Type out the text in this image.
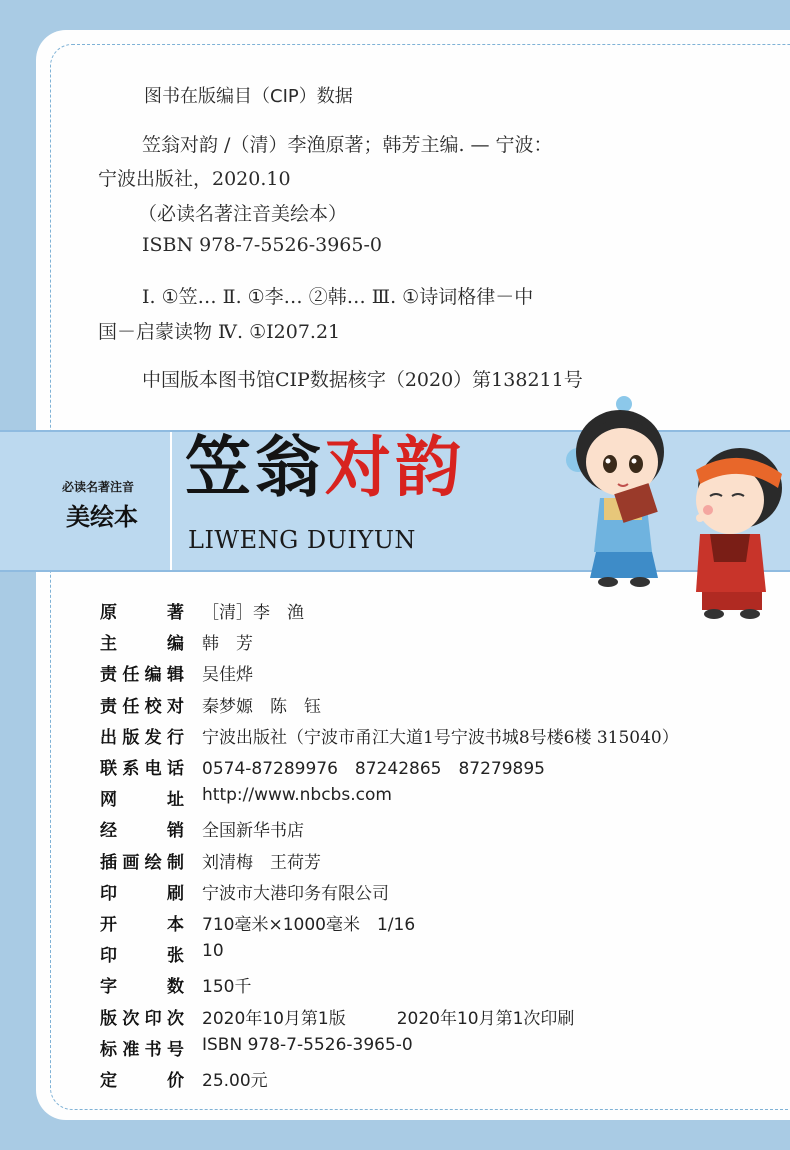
图书在版编目（CIP）数据
笠翁对韵 /（清）李渔原著；韩芳主编. — 宁波：
宁波出版社，2020.10
（必读名著注音美绘本）
ISBN 978-7-5526-3965-0
Ⅰ. ①笠… Ⅱ. ①李… ②韩… Ⅲ. ①诗词格律－中
国－启蒙读物 Ⅳ. ①I207.21
中国版本图书馆CIP数据核字（2020）第138211号
必读名著注音
美绘本
笠翁对韵
LIWENG DUIYUN
原　　著 ［清］李　渔
主　　编 韩　芳
责任编辑 吴佳烨
责任校对 秦梦嫄　陈　钰
出版发行 宁波出版社（宁波市甬江大道1号宁波书城8号楼6楼 315040）
联系电话 0574-87289976　87242865　87279895
网　　址 http://www.nbcbs.com
经　　销 全国新华书店
插画绘制 刘清梅　王荷芳
印　　刷 宁波市大港印务有限公司
开　　本 710毫米×1000毫米　1/16
印　　张 10
字　　数 150千
版次印次 2020年10月第1版　　　2020年10月第1次印刷
标准书号 ISBN 978-7-5526-3965-0
定　　价 25.00元
